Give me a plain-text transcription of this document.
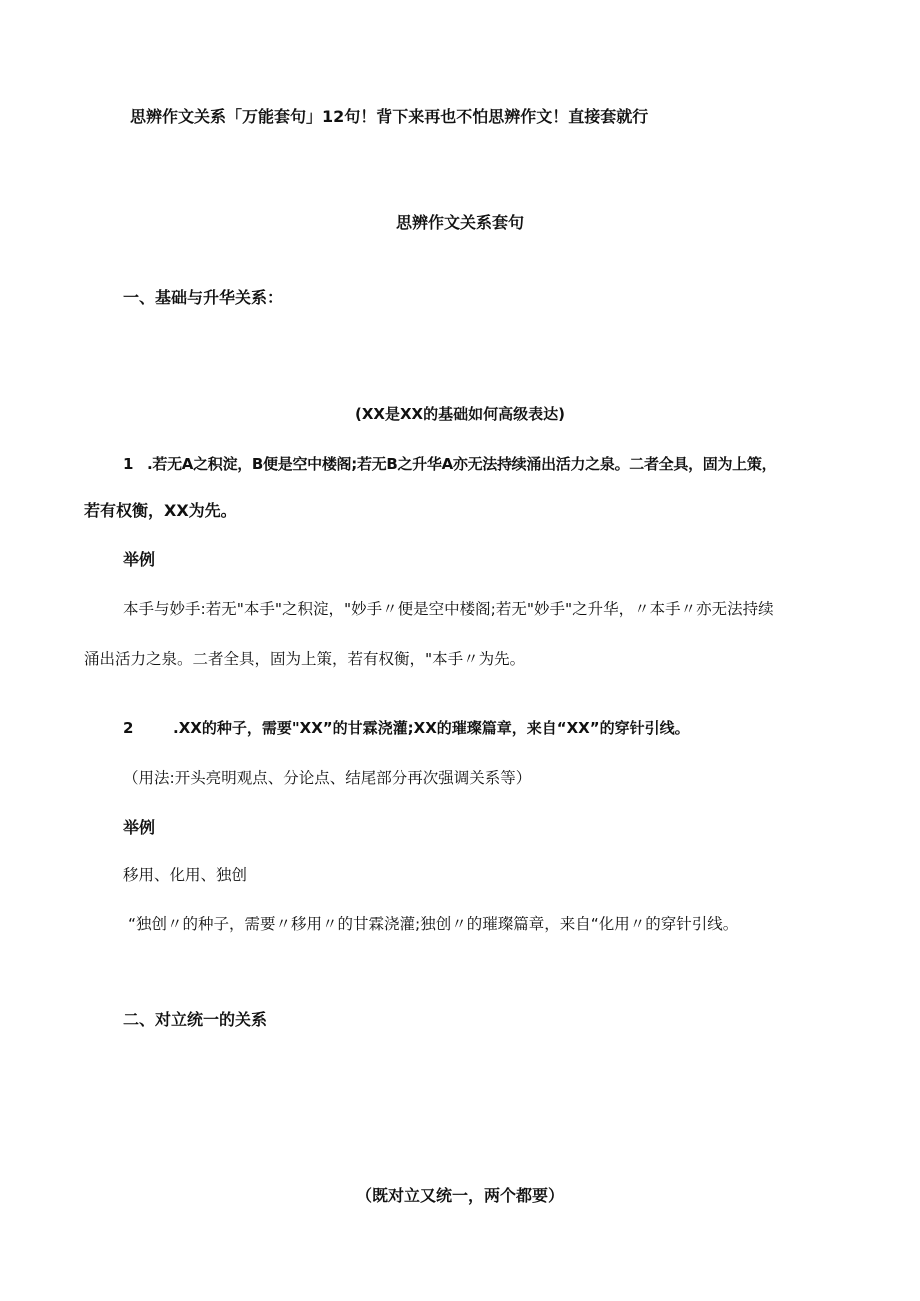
思辨作文关系「万能套句」12句！背下来再也不怕思辨作文！直接套就行
思辨作文关系套句
一、基础与升华关系：
(XX是XX的基础如何高级表达)
1 .若无A之积淀，B便是空中楼阁;若无B之升华A亦无法持续涌出活力之泉。二者全具，固为上策，
若有权衡，XX为先。
举例
本手与妙手:若无"本手"之积淀，"妙手〃便是空中楼阁;若无"妙手"之升华，〃本手〃亦无法持续
涌出活力之泉。二者全具，固为上策，若有权衡，"本手〃为先。
2	.XX的种子，需要"XX”的甘霖浇灌;XX的璀璨篇章，来自“XX”的穿针引线。
（用法:开头亮明观点、分论点、结尾部分再次强调关系等）
举例
移用、化用、独创
“独创〃的种子，需要〃移用〃的甘霖浇灌;独创〃的璀璨篇章，来自“化用〃的穿针引线。
二、对立统一的关系
（既对立又统一，两个都要）
